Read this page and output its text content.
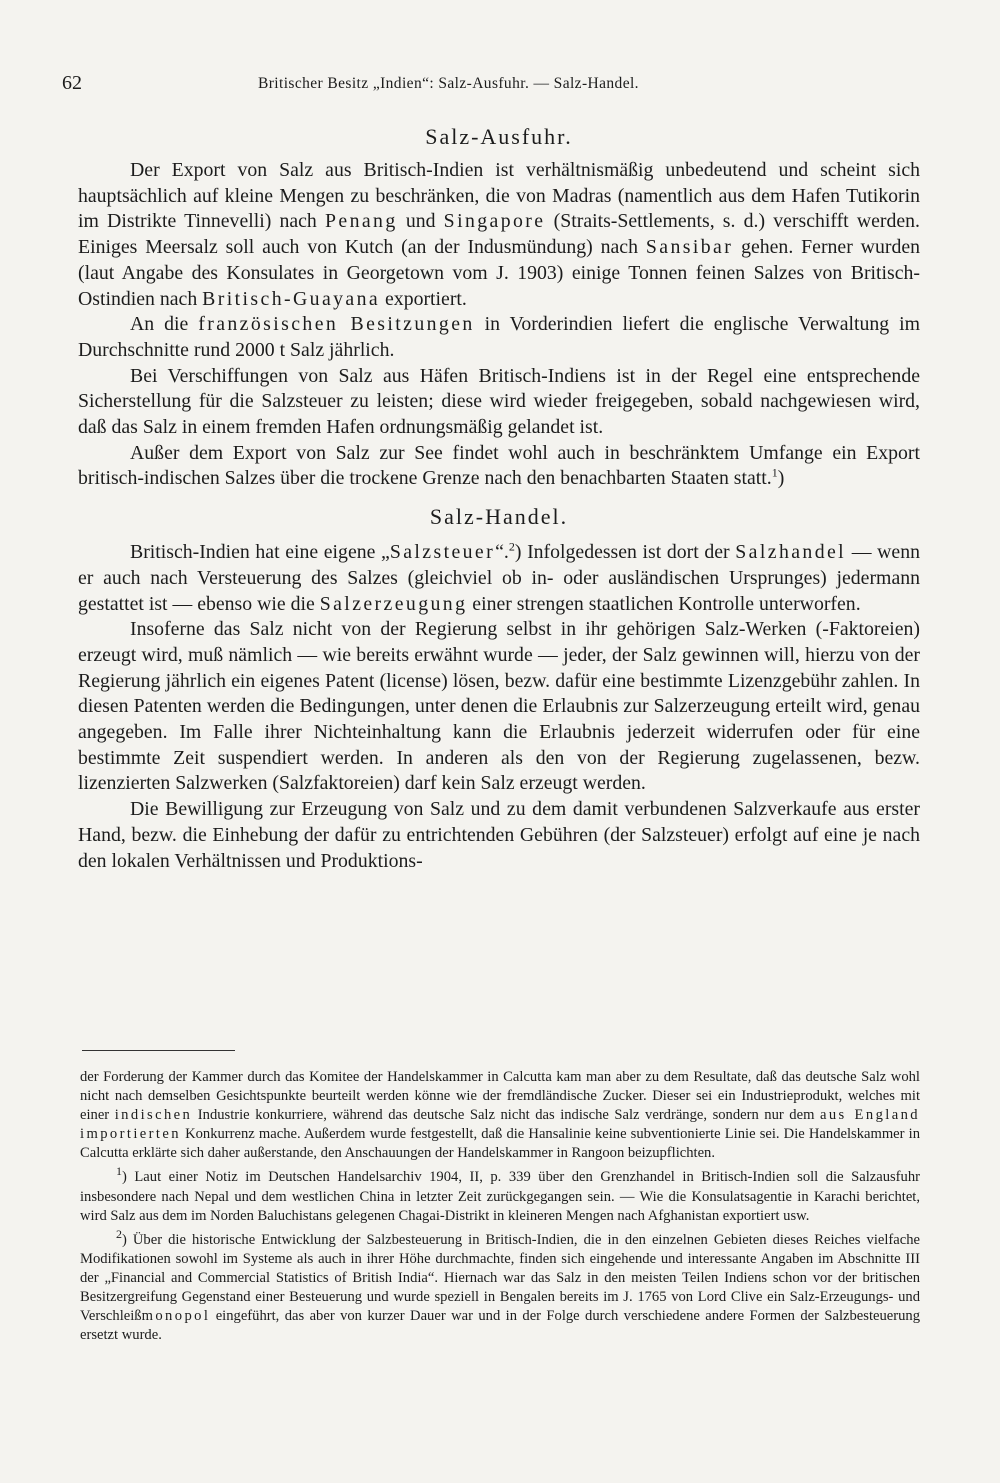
62	Britischer Besitz „Indien“: Salz-Ausfuhr. — Salz-Handel.
Salz-Ausfuhr.

Der Export von Salz aus Britisch-Indien ist verhältnismäßig unbedeutend und scheint sich hauptsächlich auf kleine Mengen zu beschränken, die von Madras (namentlich aus dem Hafen Tutikorin im Distrikte Tinnevelli) nach Penang und Singapore (Straits-Settlements, s. d.) verschifft werden. Einiges Meersalz soll auch von Kutch (an der Indusmündung) nach Sansibar gehen. Ferner wurden (laut Angabe des Konsulates in Georgetown vom J. 1903) einige Tonnen feinen Salzes von Britisch-Ostindien nach Britisch-Guayana exportiert.

An die französischen Besitzungen in Vorderindien liefert die englische Verwaltung im Durchschnitte rund 2000 t Salz jährlich.

Bei Verschiffungen von Salz aus Häfen Britisch-Indiens ist in der Regel eine entsprechende Sicherstellung für die Salzsteuer zu leisten; diese wird wieder freigegeben, sobald nachgewiesen wird, daß das Salz in einem fremden Hafen ordnungsmäßig gelandet ist.

Außer dem Export von Salz zur See findet wohl auch in beschränktem Umfange ein Export britisch-indischen Salzes über die trockene Grenze nach den benachbarten Staaten statt.$^1$)

Salz-Handel.

Britisch-Indien hat eine eigene „Salzsteuer“.$^2$) Infolgedessen ist dort der Salzhandel — wenn er auch nach Versteuerung des Salzes (gleichviel ob in- oder ausländischen Ursprunges) jedermann gestattet ist — ebenso wie die Salzerzeugung einer strengen staatlichen Kontrolle unterworfen.

Insoferne das Salz nicht von der Regierung selbst in ihr gehörigen Salz-Werken (-Faktoreien) erzeugt wird, muß nämlich — wie bereits erwähnt wurde — jeder, der Salz gewinnen will, hierzu von der Regierung jährlich ein eigenes Patent (license) lösen, bezw. dafür eine bestimmte Lizenzgebühr zahlen. In diesen Patenten werden die Bedingungen, unter denen die Erlaubnis zur Salzerzeugung erteilt wird, genau angegeben. Im Falle ihrer Nichteinhaltung kann die Erlaubnis jederzeit widerrufen oder für eine bestimmte Zeit suspendiert werden. In anderen als den von der Regierung zugelassenen, bezw. lizenzierten Salzwerken (Salzfaktoreien) darf kein Salz erzeugt werden.

Die Bewilligung zur Erzeugung von Salz und zu dem damit verbundenen Salzverkaufe aus erster Hand, bezw. die Einhebung der dafür zu entrichtenden Gebühren (der Salzsteuer) erfolgt auf eine je nach den lokalen Verhältnissen und Produktions-

der Forderung der Kammer durch das Komitee der Handelskammer in Calcutta kam man aber zu dem Resultate, daß das deutsche Salz wohl nicht nach demselben Gesichtspunkte beurteilt werden könne wie der fremdländische Zucker. Dieser sei ein Industrieprodukt, welches mit einer indischen Industrie konkurriere, während das deutsche Salz nicht das indische Salz verdränge, sondern nur dem aus England importierten Konkurrenz mache. Außerdem wurde festgestellt, daß die Hansalinie keine subventionierte Linie sei. Die Handelskammer in Calcutta erklärte sich daher außerstande, den Anschauungen der Handelskammer in Rangoon beizupflichten.

$^1$) Laut einer Notiz im Deutschen Handelsarchiv 1904, II, p. 339 über den Grenzhandel in Britisch-Indien soll die Salzausfuhr insbesondere nach Nepal und dem westlichen China in letzter Zeit zurückgegangen sein. — Wie die Konsulatsagentie in Karachi berichtet, wird Salz aus dem im Norden Baluchistans gelegenen Chagai-Distrikt in kleineren Mengen nach Afghanistan exportiert usw.

$^2$) Über die historische Entwicklung der Salzbesteuerung in Britisch-Indien, die in den einzelnen Gebieten dieses Reiches vielfache Modifikationen sowohl im Systeme als auch in ihrer Höhe durchmachte, finden sich eingehende und interessante Angaben im Abschnitte III der „Financial and Commercial Statistics of British India“. Hiernach war das Salz in den meisten Teilen Indiens schon vor der britischen Besitzergreifung Gegenstand einer Besteuerung und wurde speziell in Bengalen bereits im J. 1765 von Lord Clive ein Salz-Erzeugungs- und Verschleißmonopol eingeführt, das aber von kurzer Dauer war und in der Folge durch verschiedene andere Formen der Salzbesteuerung ersetzt wurde.
